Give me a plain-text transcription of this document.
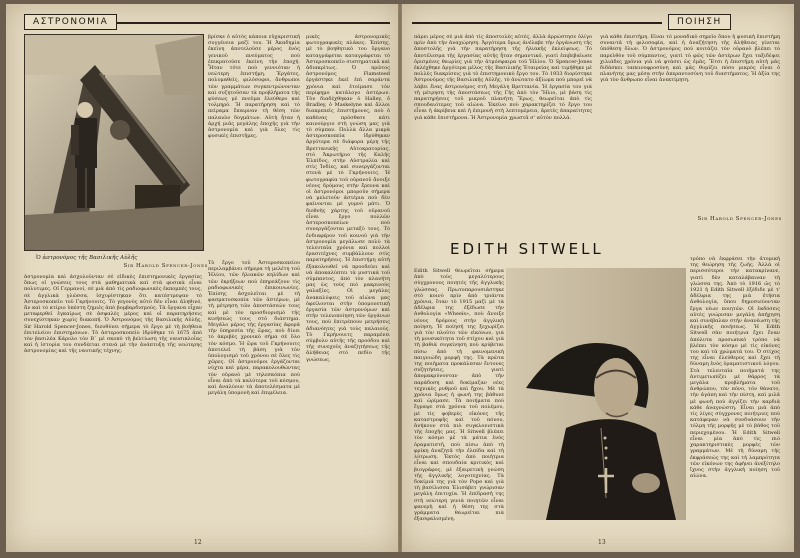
ΑΣΤΡΟΝΟΜΙΑ
βρίσκε ὁ αὐτὸς κάποια εὐχαριστική συγγένεια μαζί του. Ἡ Ἀκαδημία ἐκεῖνη ἀποτελοῦσε μέρος ἑνὸς γενικοῦ πνεύματος ποὺ ἐπικρατοῦσε ἐκείνη τὴν ἐποχή. Ἦταν τότε ποὺ γεννιόταν ἡ νεώτερη ἐπιστήμη. Ἐργάτες, πολυμαθεῖς, φιλόσοφοι, ἄνθρωποι τῶν γραμμάτων συγκεντρώνονταν καὶ συζητοῦσαν τὰ προβλήματα τῆς φύσεως μὲ πνεῦμα ἐλεύθερο καὶ τολμηρό. Ἡ παρατήρηση καὶ τὸ πείραμα ἔπαιρναν τὴ θέση τῶν παλαιῶν δογμάτων. Αὐτὴ ἦταν ἡ ἀρχή μιᾶς μεγάλης ἐποχῆς γιὰ τὴν ἀστρονομία καὶ γιὰ ὅλες τὶς φυσικὲς ἐπιστῆμες.
Ὁ ἀστρονόμος τῆς Βασιλικῆς Αὐλῆς
Sir Harold Spencer-Jones
ἀστρονομία καὶ ἀσχολοῦνταν σὲ εἰδικὲς ἐπιστημονικὲς ἐργασίες ὅπως οἱ γνώσεις τους στὰ μαθηματικὰ καὶ στὰ φυσικὰ εἶναι πολυτιμες. Οἱ Γερμανοί, σὲ μιὰ ἀπὸ τὶς ραδιοφωνικὲς ἐκπομπές τους, σὲ ἀγγλικὰ γλῶσσα, ἰσχυρίστηκαν ὅτι κατέστρεψαν τὸ Ἀστεροσκοπεῖο τοῦ Γκρήνουιτς. Τὸ γεγονὸς αὐτὸ δὲν εἶναι ἀληθινό, ἂν καὶ τὸ κτίριο ὑπέστη ζημιὲς ἀπὸ βομβαρδισμούς. Τὰ ὄργανα εἶχαν μεταφερθεῖ ἐγκαίρως σὲ ἀσφαλὲς μέρος καὶ οἱ παρατηρήσεις συνεχίστηκαν χωρὶς διακοπή. Ὁ Ἀστρονόμος τῆς Βασιλικῆς Αὐλῆς, Sir Harold Spencer-Jones, διευθύνει σήμερα τὸ ἔργο μὲ τὴ βοήθεια ἐπιτελείου ἐπιστημόνων. Τὸ ἀστεροσκοπεῖο ἱδρύθηκε τὸ 1675 ἀπὸ τὸν βασιλέα Κάρολο τὸν Β΄ μὲ σκοπὸ τὴ βελτίωση τῆς ναυσιπλοΐας καὶ ἡ ἱστορία του συνδέεται στενὰ μὲ τὴν ἀνάπτυξη τῆς νεώτερης ἀστρονομίας καὶ τῆς ναυτικῆς τέχνης.
μικές ἀστρονομικὲς φωτογραφικὲς πλάκες. Ἐπίσης, μὲ τὸ βοηθητικὸ του ὄργανο καταγράφεται καταγράφεται τὸ Ἀστεροσκοπεῖο συστηματικὰ καὶ ἀδιακρίτως. Ὁ πρῶτος ἀστρονόμος Flamsteed ἐργάστηκε ἐκεῖ ἐπὶ σαράντα χρόνια καὶ ἐτοίμασε τὸν περίφημο κατάλογο ἀστέρων. Τὸν διαδέχθηκαν ὁ Halley, ὁ Bradley, ὁ Maskelyne καὶ ἄλλοι διαπρεπεῖς ἐπιστήμονες, ποὺ ὁ καθένας πρόσθεσε κάτι καινούργιο στὴ γνώση μας γιὰ τὸ σύμπαν. Πολλὰ ἄλλα μικρὰ ἀστεροσκοπεῖα ἱδρύθηκαν ἀργότερα σὲ διάφορα μέρη τῆς Βρεττανικῆς Αὐτοκρατορίας, στὸ Ἀκρωτήριο τῆς Καλῆς Ἐλπίδος, στὴν Αὐστραλία καὶ στὶς Ἰνδίες, καὶ συνεργάζονται στενὰ μὲ τὸ Γκρήνουιτς. Ἡ φωτογραφία τοῦ οὐρανοῦ ἄνοιξε νέους δρόμους στὴν ἔρευνα καὶ οἱ ἀστρονόμοι μποροῦν σήμερα νὰ μελετοῦν ἀστέρια ποὺ δὲν φαίνονται μὲ γυμνὸ μάτι. Ὁ διεθνὴς χάρτης τοῦ οὐρανοῦ εἶναι ἔργο πολλῶν ἀστεροσκοπείων ποὺ συνεργάζονται μεταξύ τους. Τὸ ἐνδιαφέρον τοῦ κοινοῦ γιὰ τὴν ἀστρονομία μεγάλωσε πολὺ τὰ τελευταῖα χρόνια καὶ πολλοὶ ἐρασιτέχνες συμβάλλουν στὶς παρατηρήσεις. Ἡ ἐπιστήμη αὐτὴ ἐξακολουθεῖ νὰ προοδεύει καὶ νὰ ἀποκαλύπτει τὰ μυστικὰ τοῦ σύμπαντος, ἀπὸ τὸν πλανήτη μας ὡς τοὺς πιὸ μακρινοὺς γαλαξίες. Οἱ μεγάλες ἀνακαλύψεις τοῦ αἰώνα μας ὀφείλονται στὴν ὑπομονετικὴ ἐργασία τῶν ἀστρονόμων καὶ στὴν τελειοποίηση τῶν ὀργάνων τους, ποὺ ἐπιτρέπουν μετρήσεις ἀδιανόητες γιὰ τοὺς παλαιούς. Τὸ Γκρήνουιτς παραμένει σύμβολο αὐτῆς τῆς προόδου καὶ τῆς συνεχοῦς ἀναζητήσεως τῆς ἀλήθειας στὸ πεδίο τῆς γνώσεως.
Τὸ ἔργο τοῦ Ἀστεροσκοπείου περιλαμβάνει σήμερα τὴ μελέτη τοῦ Ἡλίου, τῶν ἡλιακῶν κηλίδων καὶ τῶν ἐκρήξεων ποὺ ἐπηρεάζουν τὶς ραδιοφωνικὲς ἐπικοινωνίες. Ἐπίσης ἀσχολεῖται μὲ τὴ φασματοσκοπία τῶν ἀστέρων, μὲ τὴ μέτρηση τῶν ἀποστάσεών τους καὶ μὲ τὸν προσδιορισμὸ τῆς κινήσεώς τους στὸ διάστημα. Μεγάλο μέρος τῆς ἐργασίας ἀφορᾶ τὴν ὑπηρεσία τῆς ὥρας, ποὺ δίνει τὸ ἀκριβὲς χρονικὸ σῆμα σὲ ὅλο τὸν κόσμο. Ἡ ὥρα τοῦ Γκρήνουιτς ἀποτελεῖ τὴ βάση γιὰ τὸν ὑπολογισμὸ τοῦ χρόνου σὲ ὅλες τὶς χῶρες. Οἱ ἀστρονόμοι ἐργάζονται νύχτα καὶ μέρα, παρακολουθώντας τὸν οὐρανὸ μὲ τηλεσκόπια ποὺ εἶναι ἀπὸ τὰ καλύτερα τοῦ κόσμου, καὶ ἀναλύουν τὰ ἀποτελέσματα μὲ μεγάλη ὑπομονὴ καὶ ἐπιμέλεια.
12
ΠΟΙΗΣΗ
πάρει μέρος σὲ μιὰ ἀπὸ τὶς ἀποστολές αὐτές, ἀλλὰ ἀρρώστησε ὀλίγο πρὶν ἀπὸ τὴν ἀναχώρηση. Ἀργότερα ὅμως ἀνέλαβε τὴν ὀργάνωση τῆς ἀποστολῆς γιὰ τὴν παρατήρηση τῆς ἡλιακῆς ἐκλείψεως. Τὸ ἀποτέλεσμα τῆς ἐργασίας αὐτῆς ἦταν σημαντικό, γιατὶ ἐπιβεβαίωσε ὁρισμένες θεωρίες γιὰ τὴν ἀτμόσφαιρα τοῦ Ἡλίου. Ὁ Spencer-Jones ἐκλέχθηκε ἀργότερα μέλος τῆς Βασιλικῆς Ἑταιρείας καὶ τιμήθηκε μὲ πολλὲς διακρίσεις γιὰ τὸ ἐπιστημονικὸ ἔργο του. Τὸ 1933 διορίστηκε Ἀστρονόμος τῆς Βασιλικῆς Αὐλῆς, τὸ ἀνώτατο ἀξίωμα ποὺ μπορεῖ νὰ λάβει ἕνας ἀστρονόμος στὴ Μεγάλη Βρεττανία. Ἡ ἐργασία του γιὰ τὴ μέτρηση τῆς ἀποστάσεως τῆς Γῆς ἀπὸ τὸν Ἥλιο, μὲ βάση τὶς παρατηρήσεις τοῦ μικροῦ πλανήτη Ἔρως, θεωρεῖται ἀπὸ τὶς σπουδαιότερες τοῦ αἰώνα. Ἐκεῖνο ποὺ χαρακτηρίζει τὸ ἔργο του εἶναι ἡ ἀκρίβεια καὶ ἡ ἐπιμονὴ στὴ λεπτομέρεια, ἀρετὲς ἀπαραίτητες γιὰ κάθε ἐπιστήμονα. Ἡ Ἀστρονομία χρωστᾶ σ' αὐτὸν πολλά.
γιὰ κάθε ἐπιστήμη. Εἶναι τὸ μοναδικὸ σημεῖο ὅπου ἡ φυσικὴ ἐπιστήμη συναντᾶ τὴ φιλοσοφία, καὶ ἡ ἀναζήτηση τῆς ἀλήθειας γίνεται ὑπόθεση ὅλων. Ὁ ἀστρονόμος ποὺ κοιτάζει τὸν οὐρανὸ βλέπει τὸ παρελθὸν τοῦ σύμπαντος, γιατὶ τὸ φῶς τῶν ἀστέρων ἔχει ταξιδέψει χιλιάδες χρόνια γιὰ νὰ φτάσει ὡς ἐμᾶς. Ἔτσι ἡ ἐπιστήμη αὐτὴ μᾶς διδάσκει ταπεινοφροσύνη καὶ μᾶς θυμίζει πόσο μικρὸς εἶναι ὁ πλανήτης μας μέσα στὴν ἀπεραντοσύνη τοῦ διαστήματος. Ἡ ἀξία της γιὰ τὸν ἄνθρωπο εἶναι ἀνεκτίμητη.
Sir Harold Spencer-Jones
EDITH SITWELL
Edith Sitwell θεωρεῖται σήμερα ἀπὸ τοὺς μεγαλύτερους σύγχρονους ποιητὲς τῆς ἀγγλικῆς γλώσσας. Πρωτοπαρουσιάστηκε στὸ κοινὸ πρὶν ἀπὸ τριάντα χρόνια, ὅταν τὸ 1915 μαζὶ μὲ τὰ ἀδέλφια της ἐξέδωσε τὴν ἀνθολογία «Wheels», ποὺ ἄνοιξε νέους δρόμους στὴν ἀγγλικὴ ποίηση. Ἡ ποίησή της ξεχωρίζει γιὰ τὸν πλοῦτο τῶν εἰκόνων, γιὰ τὴ μουσικότητα τοῦ στίχου καὶ γιὰ τὴ βαθιὰ συγκίνηση ποὺ κρύβεται πίσω ἀπὸ τὴ φαινομενικὴ παιγνιώδη μορφή της. Τὰ πρῶτα της ποιήματα προκάλεσαν ἔντονες συζητήσεις, γιατὶ ἀπομακρύνονταν ἀπὸ τὴν παράδοση καὶ δοκίμαζαν νέες τεχνικὲς ρυθμοῦ καὶ ἤχου. Μὲ τὰ χρόνια ὅμως ἡ φωνή της βάθυνε καὶ ὡρίμασε. Τὰ ποιήματα ποὺ ἔγραψε στὰ χρόνια τοῦ πολέμου, μὲ τὶς φοβερὲς εἰκόνες τῆς καταστροφῆς καὶ τοῦ πόνου, ἀνήκουν στὰ πιὸ συγκλονιστικὰ τῆς ἐποχῆς μας. Ἡ Sitwell βλέπει τὸν κόσμο μὲ τὰ μάτια ἑνὸς ὁραματιστῆ, ποὺ πίσω ἀπὸ τὴ φρίκη ἀναζητᾶ τὴν ἐλπίδα καὶ τὴ λύτρωση. Ἐκτὸς ἀπὸ ποιήτρια εἶναι καὶ σπουδαία κριτικὸς καὶ βιογράφος, μὲ ἐξαιρετικὴ γνώση τῆς ἀγγλικῆς λογοτεχνίας. Τὰ δοκίμιά της γιὰ τὸν Pope καὶ γιὰ τὴ βασίλισσα Ἐλισάβετ γνώρισαν μεγάλη ἐπιτυχία. Ἡ ἐπίδρασή της στὴ νεώτερη γενιὰ ποιητῶν εἶναι φανερὴ καὶ ἡ θέση της στὰ γράμματα θεωρεῖται πιὰ ἐξασφαλισμένη.
τρόπο νὰ ἐκφράσει τὴν ἀτομικὴ της θεώρηση τῆς ζωῆς. Ἀλλὰ οἱ περισσότεροι τὴν κατακρίνανε, γιατὶ δὲν καταλάβαιναν τὴ γλώσσα της. Ἀπὸ τὸ 1916 ὡς τὸ 1921 ἡ Edith Sitwell ἐξέδιδε μὲ τ' ἀδέλφια της μιὰ ἐτήσια ἀνθολογία, ὅπου δημοσιεύονταν ἔργα νέων ποιητῶν. Οἱ ἐκδόσεις αὐτὲς γνώρισαν μεγάλη ἀπήχηση καὶ συνέβαλαν στὴν ἀνανέωση τῆς ἀγγλικῆς ποιήσεως. Ἡ Edith Sitwell σὰν ποιήτρια ἔχει ἕναν ἀπόλυτα προσωπικὸ τρόπο νὰ βλέπει τὸν κόσμο μὲ τὶς εἰκόνες του καὶ τὰ χρώματά του. Ὁ στίχος της εἶναι ἐλεύθερος καὶ ἔχει τὴ δύναμη ἑνὸς ὁραματιστικοῦ λόγου. Στὰ τελευταῖα ποιήματά της ἀντιμετωπίζει μὲ θάρρος τὰ μεγάλα προβλήματα τοῦ ἀνθρώπου, τὸν πόνο, τὸν θάνατο, τὴν ἀγάπη καὶ τὴν πίστη, καὶ μιλᾶ μὲ φωνὴ ποὺ ἀγγίζει τὴν καρδιὰ κάθε ἀναγνώστη. Εἶναι μιὰ ἀπὸ τὶς λίγες σύγχρονες ποιήτριες ποὺ κατάφεραν νὰ συνδυάσουν τὴν τόλμη τῆς μορφῆς μὲ τὸ βάθος τοῦ περιεχομένου. Ἡ Edith Sitwell εἶναι μία ἀπὸ τὶς πιὸ χαρακτηριστικὲς μορφὲς τῶν γραμμάτων. Μὲ τὴ δύναμη τῆς ἐκφράσεώς της καὶ τὴ λαμπρότητα τῶν εἰκόνων της ἀφήνει ἀνεξίτηλο ἴχνος στὴν ἀγγλικὴ ποίηση τοῦ αἰώνα.
13
